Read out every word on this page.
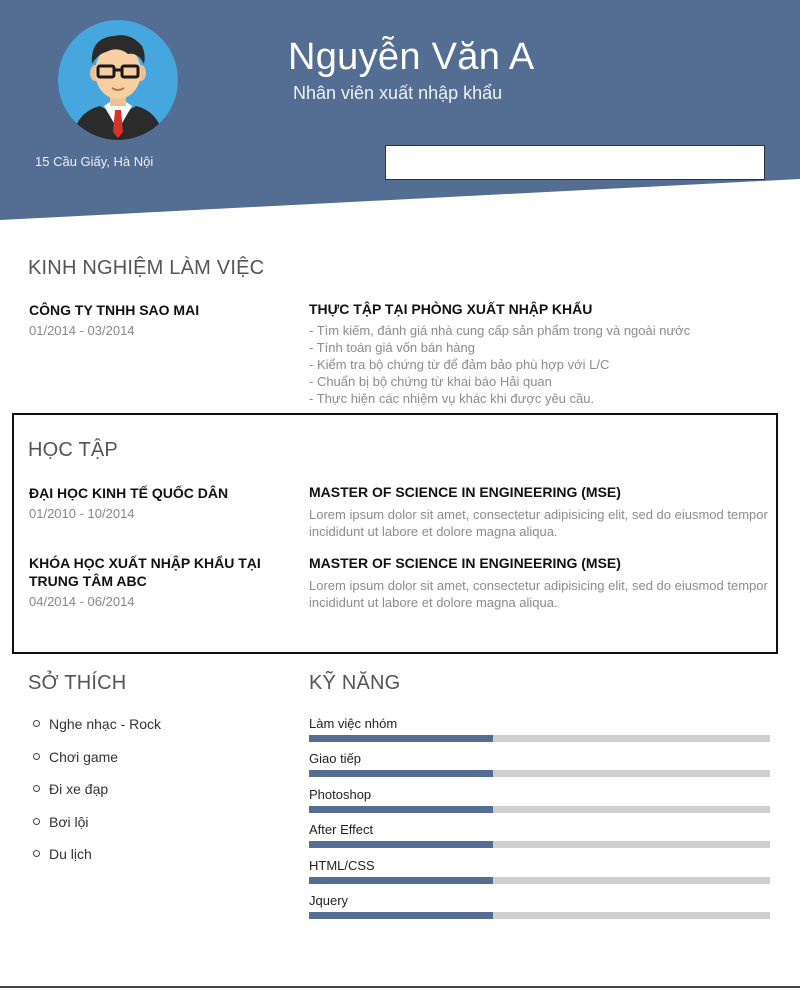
Nguyễn Văn A
Nhân viên xuất nhập khẩu
15 Cầu Giấy, Hà Nội
KINH NGHIỆM LÀM VIỆC
CÔNG TY TNHH SAO MAI
01/2014 - 03/2014
THỰC TẬP TẠI PHÒNG XUẤT NHẬP KHẨU
- Tìm kiếm, đánh giá nhà cung cấp sản phẩm trong và ngoài nước
- Tính toán giá vốn bán hàng
- Kiểm tra bộ chứng từ để đảm bảo phù hợp với L/C
- Chuẩn bị bộ chứng từ khai báo Hải quan
- Thực hiện các nhiệm vụ khác khi được yêu cầu.
HỌC TẬP
ĐẠI HỌC KINH TẾ QUỐC DÂN
01/2010 - 10/2014
MASTER OF SCIENCE IN ENGINEERING (MSE)
Lorem ipsum dolor sit amet, consectetur adipisicing elit, sed do eiusmod tempor incididunt ut labore et dolore magna aliqua.
KHÓA HỌC XUẤT NHẬP KHẨU TẠI TRUNG TÂM ABC
04/2014 - 06/2014
MASTER OF SCIENCE IN ENGINEERING (MSE)
Lorem ipsum dolor sit amet, consectetur adipisicing elit, sed do eiusmod tempor incididunt ut labore et dolore magna aliqua.
SỞ THÍCH
Nghe nhạc - Rock
Chơi game
Đi xe đạp
Bơi lội
Du lịch
KỸ NĂNG
Làm việc nhóm
Giao tiếp
Photoshop
After Effect
HTML/CSS
Jquery
